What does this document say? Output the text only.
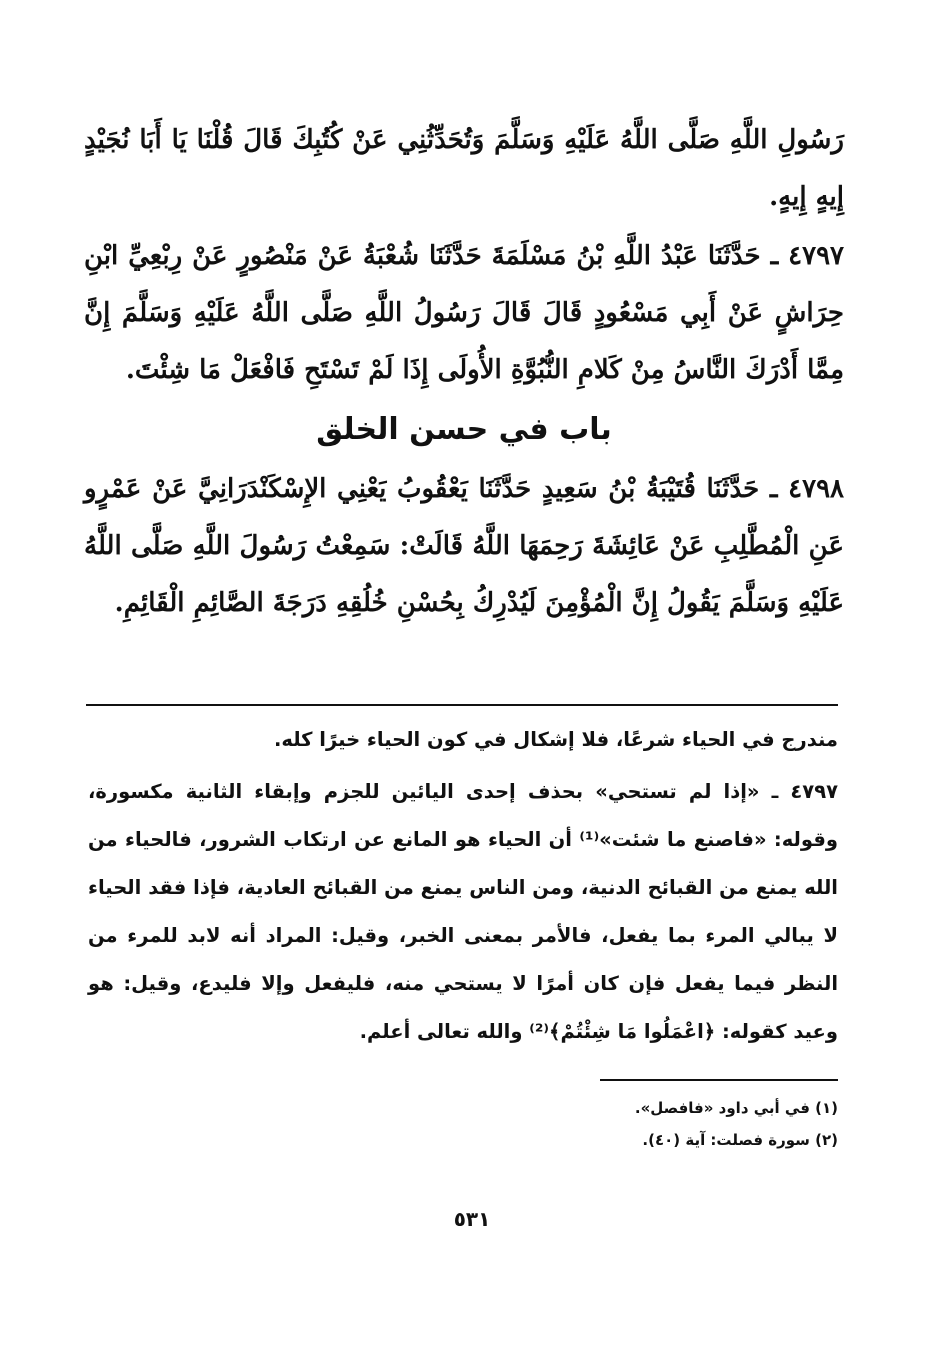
رَسُولِ اللَّهِ صَلَّى اللَّهُ عَلَيْهِ وَسَلَّمَ وَتُحَدِّثُنِي عَنْ كُتُبِكَ قَالَ قُلْنَا يَا أَبَا نُجَيْدٍ إِيهٍ إِيهٍ.

٤٧٩٧ ـ حَدَّثَنَا عَبْدُ اللَّهِ بْنُ مَسْلَمَةَ حَدَّثَنَا شُعْبَةُ عَنْ مَنْصُورٍ عَنْ رِبْعِيِّ ابْنِ حِرَاشٍ عَنْ أَبِي مَسْعُودٍ قَالَ قَالَ رَسُولُ اللَّهِ صَلَّى اللَّهُ عَلَيْهِ وَسَلَّمَ إِنَّ مِمَّا أَدْرَكَ النَّاسُ مِنْ كَلامِ النُّبُوَّةِ الأُولَى إِذَا لَمْ تَسْتَحِ فَافْعَلْ مَا شِئْتَ.

باب في حسن الخلق

٤٧٩٨ ـ حَدَّثَنَا قُتَيْبَةُ بْنُ سَعِيدٍ حَدَّثَنَا يَعْقُوبُ يَعْنِي الإِسْكَنْدَرَانِيَّ عَنْ عَمْرٍو عَنِ الْمُطَّلِبِ عَنْ عَائِشَةَ رَحِمَهَا اللَّهُ قَالَتْ: سَمِعْتُ رَسُولَ اللَّهِ صَلَّى اللَّهُ عَلَيْهِ وَسَلَّمَ يَقُولُ إِنَّ الْمُؤْمِنَ لَيُدْرِكُ بِحُسْنِ خُلُقِهِ دَرَجَةَ الصَّائِمِ الْقَائِمِ.

مندرج في الحياء شرعًا، فلا إشكال في كون الحياء خيرًا كله.

٤٧٩٧ ـ «إذا لم تستحي» بحذف إحدى اليائين للجزم وإبقاء الثانية مكسورة، وقوله: «فاصنع ما شئت»⁽¹⁾ أن الحياء هو المانع عن ارتكاب الشرور، فالحياء من الله يمنع من القبائح الدنية، ومن الناس يمنع من القبائح العادية، فإذا فقد الحياء لا يبالي المرء بما يفعل، فالأمر بمعنى الخبر، وقيل: المراد أنه لابد للمرء من النظر فيما يفعل فإن كان أمرًا لا يستحي منه، فليفعل وإلا فليدع، وقيل: هو وعيد كقوله: ﴿اعْمَلُوا مَا شِئْتُمْ﴾⁽²⁾ والله تعالى أعلم.

(١) في أبي داود «فافصل».

(٢) سورة فصلت: آية (٤٠).

٥٣١
